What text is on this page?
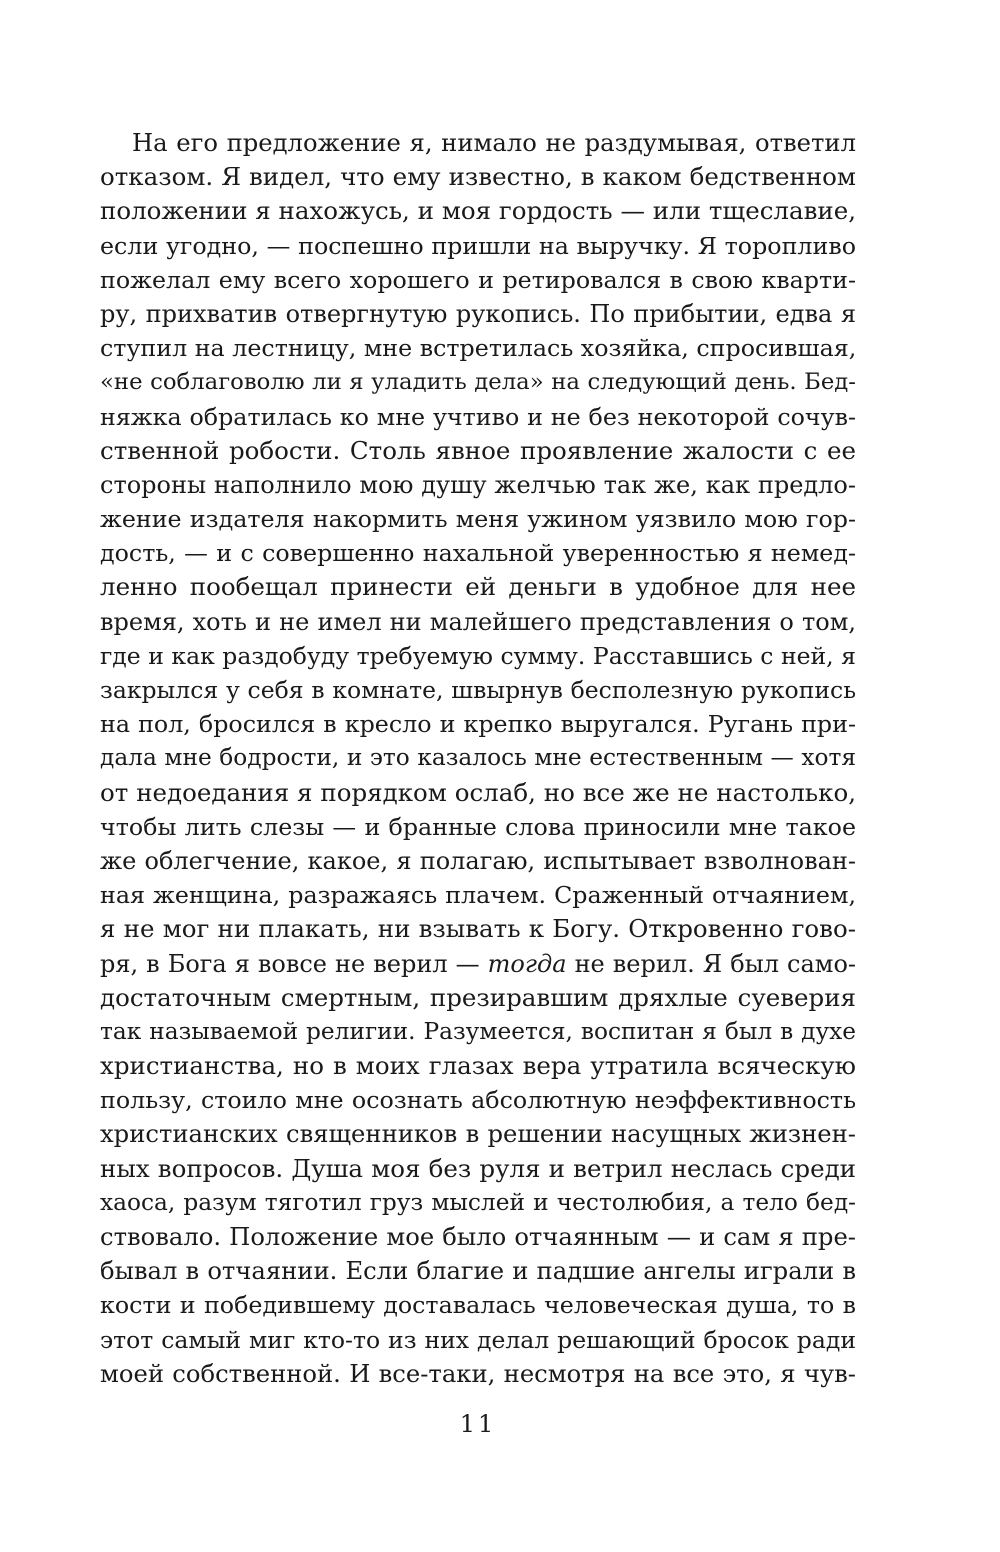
На его предложение я, нимало не раздумывая, ответил
отказом. Я видел, что ему известно, в каком бедственном
положении я нахожусь, и моя гордость — или тщеславие,
если угодно, — поспешно пришли на выручку. Я торопливо
пожелал ему всего хорошего и ретировался в свою кварти-
ру, прихватив отвергнутую рукопись. По прибытии, едва я
ступил на лестницу, мне встретилась хозяйка, спросившая,
«не соблаговолю ли я уладить дела» на следующий день. Бед-
няжка обратилась ко мне учтиво и не без некоторой сочув-
ственной робости. Столь явное проявление жалости с ее
стороны наполнило мою душу желчью так же, как предло-
жение издателя накормить меня ужином уязвило мою гор-
дость, — и с совершенно нахальной уверенностью я немед-
ленно пообещал принести ей деньги в удобное для нее
время, хоть и не имел ни малейшего представления о том,
где и как раздобуду требуемую сумму. Расставшись с ней, я
закрылся у себя в комнате, швырнув бесполезную рукопись
на пол, бросился в кресло и крепко выругался. Ругань при-
дала мне бодрости, и это казалось мне естественным — хотя
от недоедания я порядком ослаб, но все же не настолько,
чтобы лить слезы — и бранные слова приносили мне такое
же облегчение, какое, я полагаю, испытывает взволнован-
ная женщина, разражаясь плачем. Сраженный отчаянием,
я не мог ни плакать, ни взывать к Богу. Откровенно гово-
ря, в Бога я вовсе не верил — тогда не верил. Я был само-
достаточным смертным, презиравшим дряхлые суеверия
так называемой религии. Разумеется, воспитан я был в духе
христианства, но в моих глазах вера утратила всяческую
пользу, стоило мне осознать абсолютную неэффективность
христианских священников в решении насущных жизнен-
ных вопросов. Душа моя без руля и ветрил неслась среди
хаоса, разум тяготил груз мыслей и честолюбия, а тело бед-
ствовало. Положение мое было отчаянным — и сам я пре-
бывал в отчаянии. Если благие и падшие ангелы играли в
кости и победившему доставалась человеческая душа, то в
этот самый миг кто-то из них делал решающий бросок ради
моей собственной. И все-таки, несмотря на все это, я чув-
11
